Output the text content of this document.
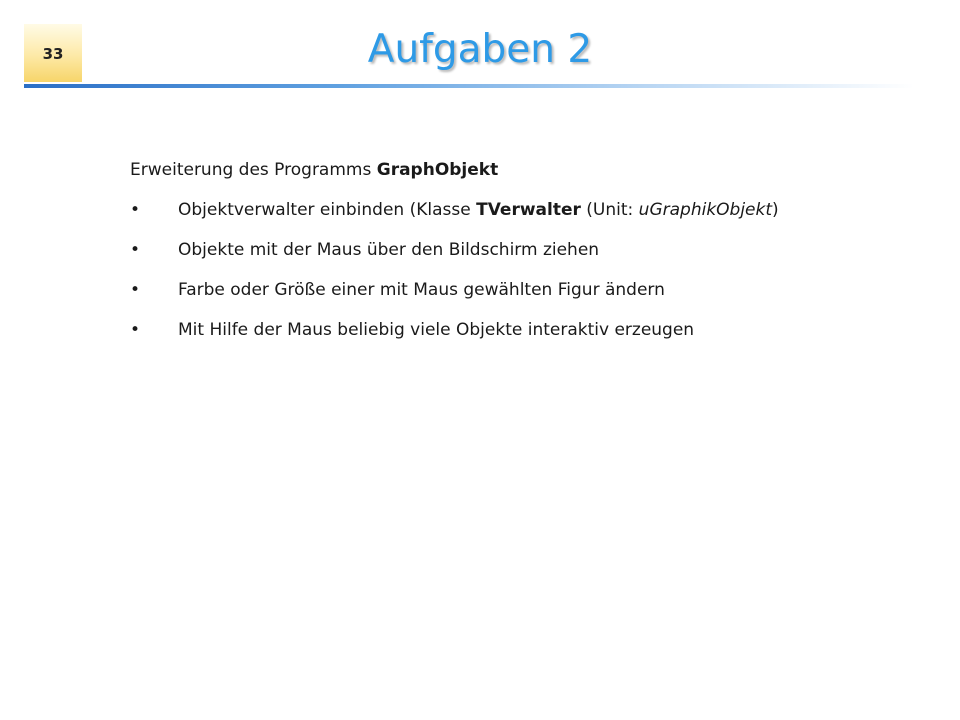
33	Aufgaben 2

Erweiterung des Programms GraphObjekt

• Objektverwalter einbinden (Klasse TVerwalter (Unit: uGraphikObjekt)
• Objekte mit der Maus über den Bildschirm ziehen
• Farbe oder Größe einer mit Maus gewählten Figur ändern
• Mit Hilfe der Maus beliebig viele Objekte interaktiv erzeugen
